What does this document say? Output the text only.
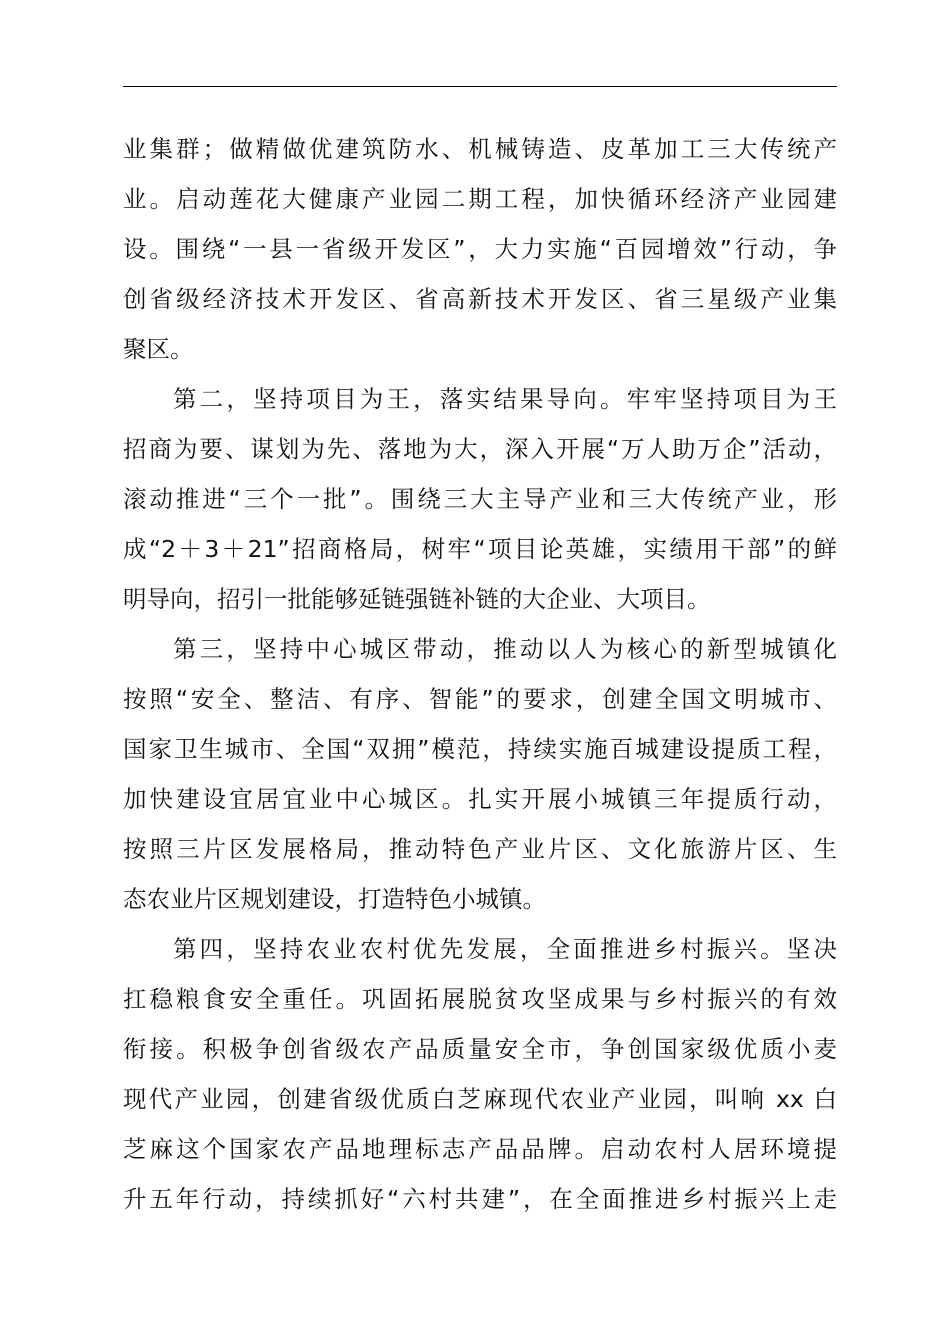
业集群；做精做优建筑防水、机械铸造、皮革加工三大传统产
业。启动莲花大健康产业园二期工程，加快循环经济产业园建
设。围绕“一县一省级开发区”，大力实施“百园增效”行动，争
创省级经济技术开发区、省高新技术开发区、省三星级产业集
聚区。
第二，坚持项目为王，落实结果导向。牢牢坚持项目为王
招商为要、谋划为先、落地为大，深入开展“万人助万企”活动，
滚动推进“三个一批”。围绕三大主导产业和三大传统产业，形
成“2＋3＋21”招商格局，树牢“项目论英雄，实绩用干部”的鲜
明导向，招引一批能够延链强链补链的大企业、大项目。
第三，坚持中心城区带动，推动以人为核心的新型城镇化
按照“安全、整洁、有序、智能”的要求，创建全国文明城市、
国家卫生城市、全国“双拥”模范，持续实施百城建设提质工程，
加快建设宜居宜业中心城区。扎实开展小城镇三年提质行动，
按照三片区发展格局，推动特色产业片区、文化旅游片区、生
态农业片区规划建设，打造特色小城镇。
第四，坚持农业农村优先发展，全面推进乡村振兴。坚决
扛稳粮食安全重任。巩固拓展脱贫攻坚成果与乡村振兴的有效
衔接。积极争创省级农产品质量安全市，争创国家级优质小麦
现代产业园，创建省级优质白芝麻现代农业产业园，叫响 xx 白
芝麻这个国家农产品地理标志产品品牌。启动农村人居环境提
升五年行动，持续抓好“六村共建”，在全面推进乡村振兴上走
